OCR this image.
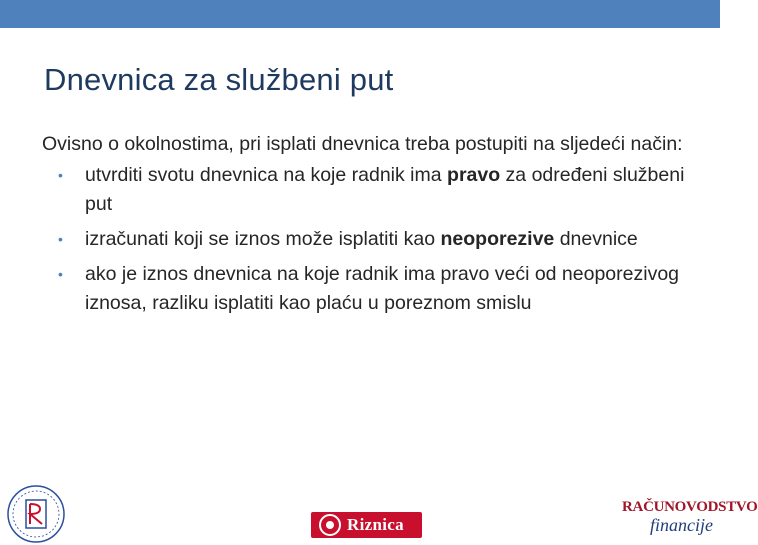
Dnevnica za službeni put

Ovisno o okolnostima, pri isplati dnevnica treba postupiti na sljedeći način:

• utvrditi svotu dnevnica na koje radnik ima pravo za određeni službeni put
• izračunati koji se iznos može isplatiti kao neoporezive dnevnice
• ako je iznos dnevnica na koje radnik ima pravo veći od neoporezivog iznosa, razliku isplatiti kao plaću u poreznom smislu
Riznica
RAČUNOVODSTVO
financije
